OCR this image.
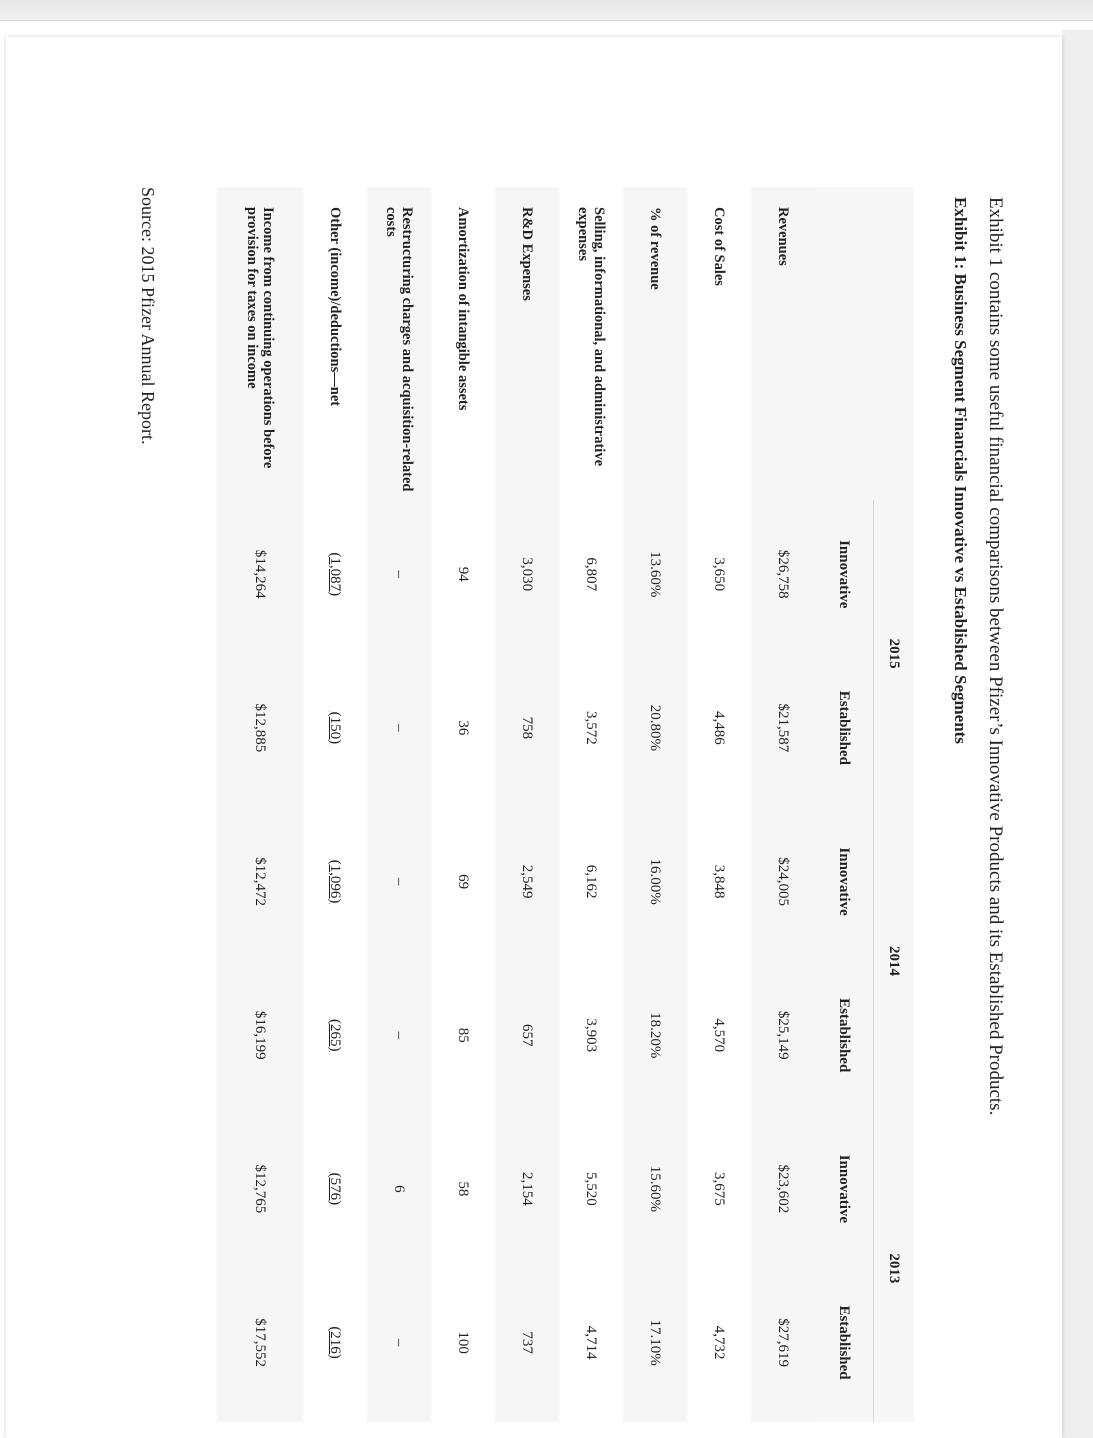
Exhibit 1 contains some useful financial comparisons between Pfizer’s Innovative Products and its Established Products.
Exhibit 1: Business Segment Financials Innovative vs Established Segments
	2015		2014		2013	
	Innovative	Established	Innovative	Established	Innovative	Established
Revenues	$26,758	$21,587	$24,005	$25,149	$23,602	$27,619
Cost of Sales	3,650	4,486	3,848	4,570	3,675	4,732
% of revenue	13.60%	20.80%	16.00%	18.20%	15.60%	17.10%
Selling, informational, and administrative expenses	6,807	3,572	6,162	3,903	5,520	4,714
R&D Expenses	3,030	758	2,549	657	2,154	737
Amortization of intangible assets	94	36	69	85	58	100
Restructuring charges and acquisition-related costs	–	–	–	–	6	–
Other (income)/deductions—net	(1,087)	(150)	(1,096)	(265)	(576)	(216)
Income from continuing operations before provision for taxes on income	$14,264	$12,885	$12,472	$16,199	$12,765	$17,552
Source: 2015 Pfizer Annual Report.
